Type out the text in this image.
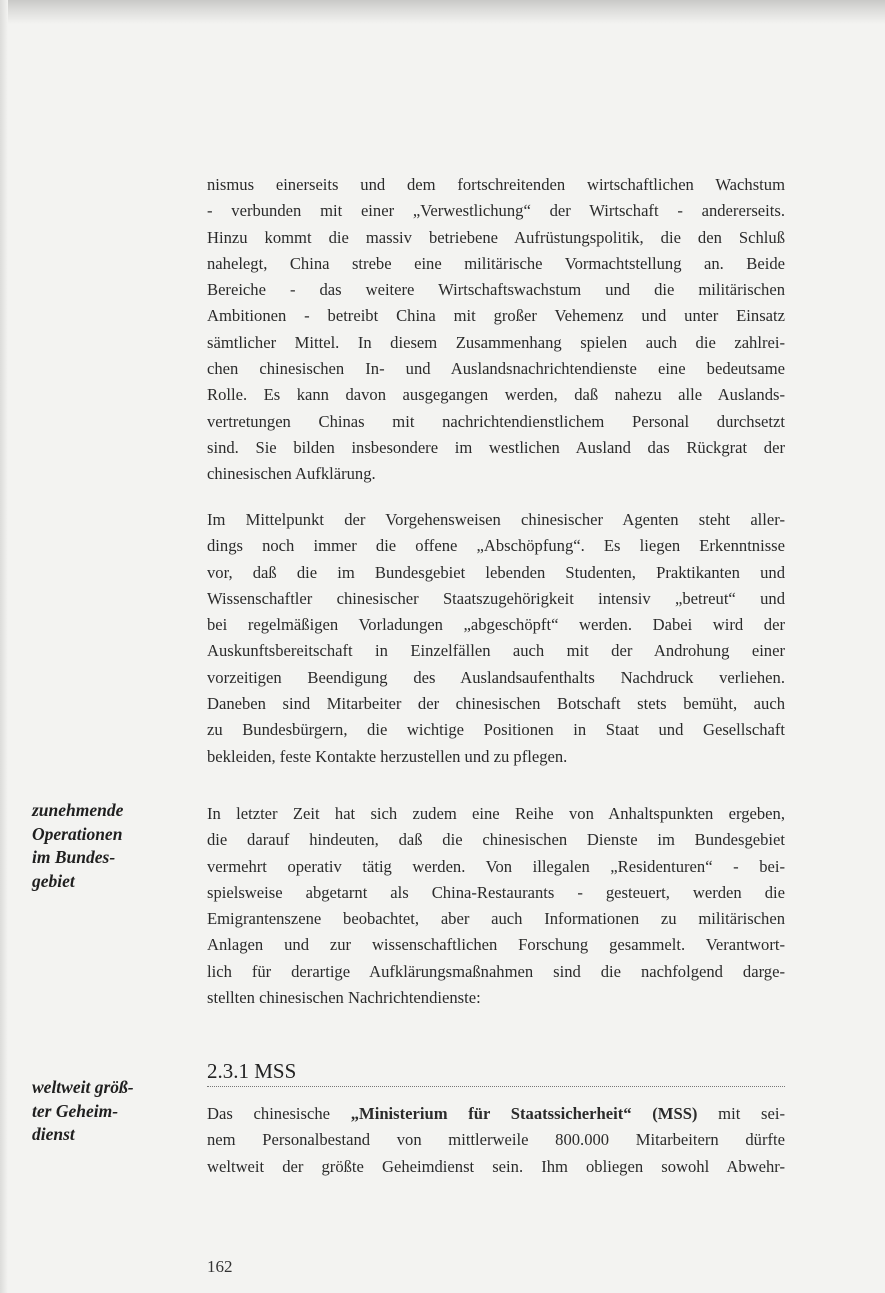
nismus einerseits und dem fortschreitenden wirtschaftlichen Wachstum
- verbunden mit einer „Verwestlichung“ der Wirtschaft - andererseits.
Hinzu kommt die massiv betriebene Aufrüstungspolitik, die den Schluß
nahelegt, China strebe eine militärische Vormachtstellung an. Beide
Bereiche - das weitere Wirtschaftswachstum und die militärischen
Ambitionen - betreibt China mit großer Vehemenz und unter Einsatz
sämtlicher Mittel. In diesem Zusammenhang spielen auch die zahlrei-
chen chinesischen In- und Auslandsnachrichtendienste eine bedeutsame
Rolle. Es kann davon ausgegangen werden, daß nahezu alle Auslands-
vertretungen Chinas mit nachrichtendienstlichem Personal durchsetzt
sind. Sie bilden insbesondere im westlichen Ausland das Rückgrat der
chinesischen Aufklärung.
Im Mittelpunkt der Vorgehensweisen chinesischer Agenten steht aller-
dings noch immer die offene „Abschöpfung“. Es liegen Erkenntnisse
vor, daß die im Bundesgebiet lebenden Studenten, Praktikanten und
Wissenschaftler chinesischer Staatszugehörigkeit intensiv „betreut“ und
bei regelmäßigen Vorladungen „abgeschöpft“ werden. Dabei wird der
Auskunftsbereitschaft in Einzelfällen auch mit der Androhung einer
vorzeitigen Beendigung des Auslandsaufenthalts Nachdruck verliehen.
Daneben sind Mitarbeiter der chinesischen Botschaft stets bemüht, auch
zu Bundesbürgern, die wichtige Positionen in Staat und Gesellschaft
bekleiden, feste Kontakte herzustellen und zu pflegen.
zunehmende
Operationen
im Bundes-
gebiet
In letzter Zeit hat sich zudem eine Reihe von Anhaltspunkten ergeben,
die darauf hindeuten, daß die chinesischen Dienste im Bundesgebiet
vermehrt operativ tätig werden. Von illegalen „Residenturen“ - bei-
spielsweise abgetarnt als China-Restaurants - gesteuert, werden die
Emigrantenszene beobachtet, aber auch Informationen zu militärischen
Anlagen und zur wissenschaftlichen Forschung gesammelt. Verantwort-
lich für derartige Aufklärungsmaßnahmen sind die nachfolgend darge-
stellten chinesischen Nachrichtendienste:
weltweit größ-
ter Geheim-
dienst
2.3.1 MSS
Das chinesische „Ministerium für Staatssicherheit“ (MSS) mit sei-
nem Personalbestand von mittlerweile 800.000 Mitarbeitern dürfte
weltweit der größte Geheimdienst sein. Ihm obliegen sowohl Abwehr-
162
